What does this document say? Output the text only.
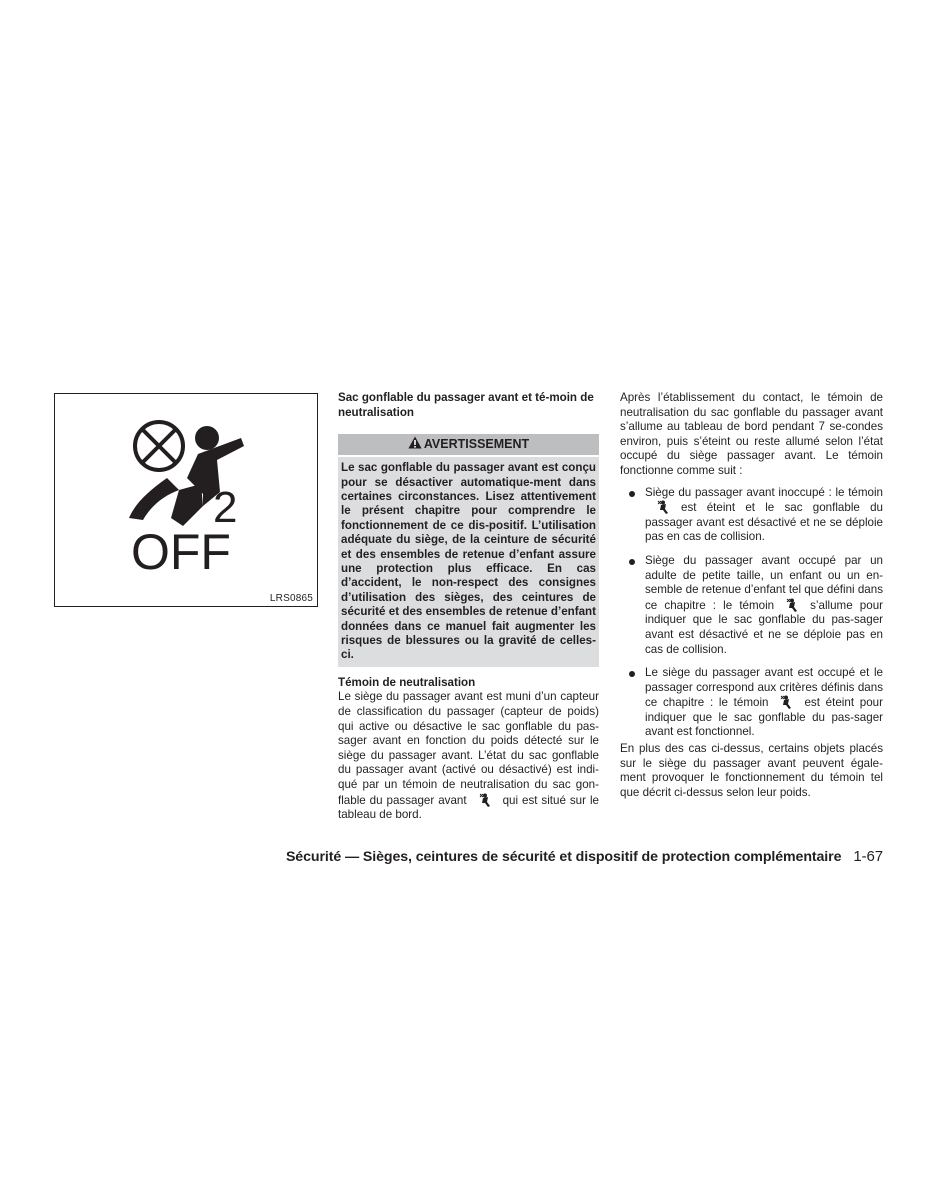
2
OFF
LRS0865

Sac gonflable du passager avant et té-moin de neutralisation

AVERTISSEMENT
Le sac gonflable du passager avant est conçu pour se désactiver automatique-ment dans certaines circonstances. Lisez attentivement le présent chapitre pour comprendre le fonctionnement de ce dis-positif. L’utilisation adéquate du siège, de la ceinture de sécurité et des ensembles de retenue d’enfant assure une protection plus efficace. En cas d’accident, le non-respect des consignes d’utilisation des sièges, des ceintures de sécurité et des ensembles de retenue d’enfant données dans ce manuel fait augmenter les risques de blessures ou la gravité de celles-ci.

Témoin de neutralisation

Le siège du passager avant est muni d’un capteur de classification du passager (capteur de poids) qui active ou désactive le sac gonflable du pas-sager avant en fonction du poids détecté sur le siège du passager avant. L’état du sac gonflable du passager avant (activé ou désactivé) est indi-qué par un témoin de neutralisation du sac gon-flable du passager avant	qui est situé sur le tableau de bord.

Après l’établissement du contact, le témoin de neutralisation du sac gonflable du passager avant s’allume au tableau de bord pendant 7 se-condes environ, puis s’éteint ou reste allumé selon l’état occupé du siège passager avant. Le témoin fonctionne comme suit :

Siège du passager avant inoccupé : le témoinest éteint et le sac gonflable du passager avant est désactivé et ne se déploie pas en cas de collision.
Siège du passager avant occupé par un adulte de petite taille, un enfant ou un en-semble de retenue d’enfant tel que défini dans ce chapitre : le témoin	s’allume pour indiquer que le sac gonflable du pas-sager avant est désactivé et ne se déploie pas en cas de collision.
Le siège du passager avant est occupé et le passager correspond aux critères définis dans ce chapitre : le témoin	est éteint pour indiquer que le sac gonflable du pas-sager avant est fonctionnel.

En plus des cas ci-dessus, certains objets placés sur le siège du passager avant peuvent égale-ment provoquer le fonctionnement du témoin tel que décrit ci-dessus selon leur poids.

Sécurité — Sièges, ceintures de sécurité et dispositif de protection complémentaire 1-67
